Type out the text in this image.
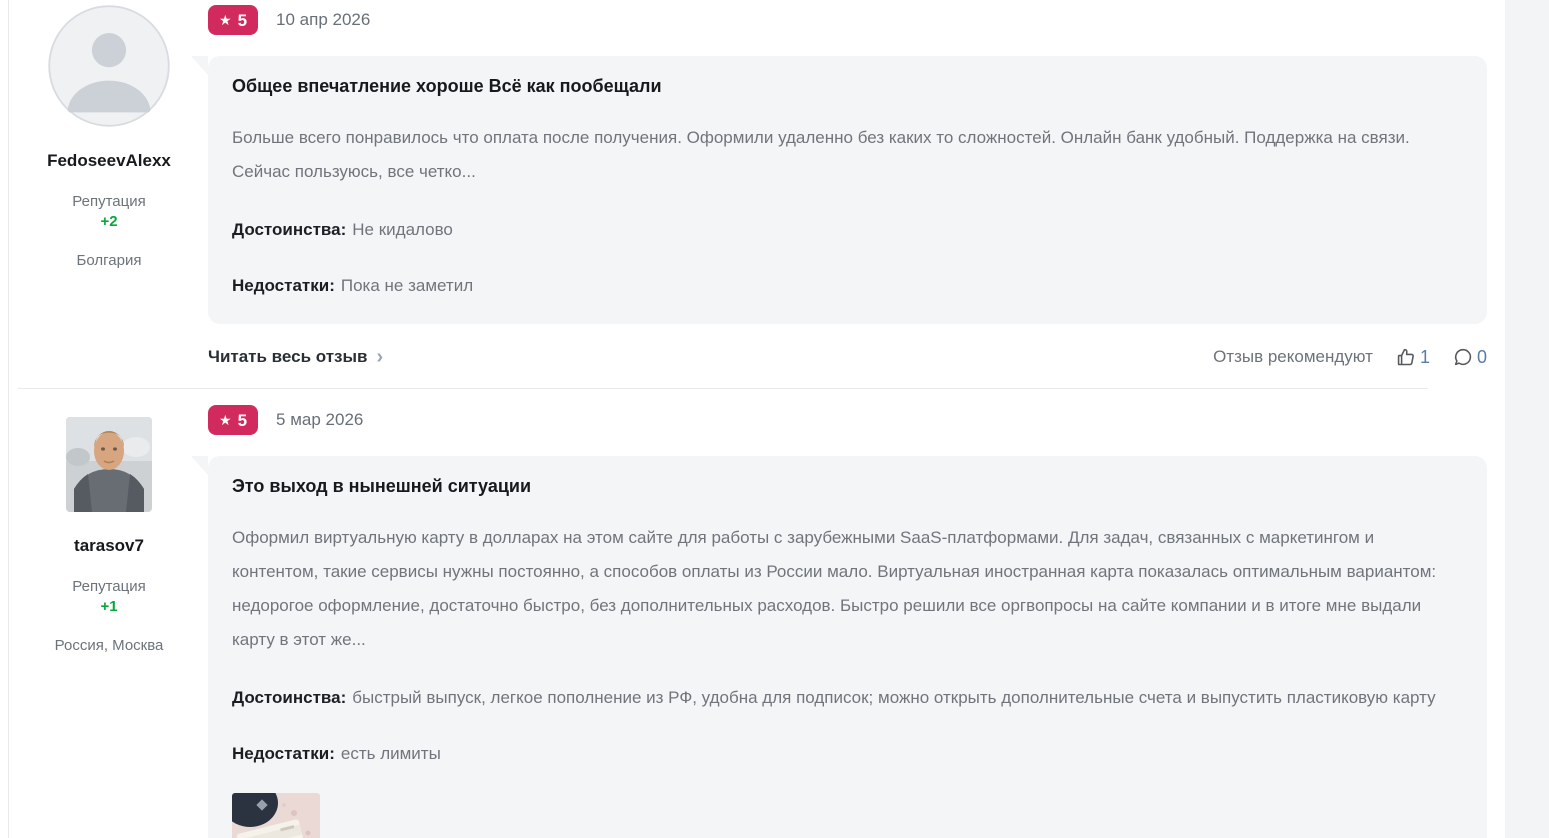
FedoseevAlexx
Репутация
+2
Болгария
★ 5 10 апр 2026
Общее впечатление хороше Всё как пообещали
Больше всего понравилось что оплата после получения. Оформили удаленно без каких то сложностей. Онлайн банк удобный. Поддержка на связи. Сейчас пользуюсь, все четко...
Достоинства: Не кидалово
Недостатки: Пока не заметил
Читать весь отзыв ›	Отзыв рекомендуют	1	0
tarasov7
Репутация
+1
Россия, Москва
★ 5 5 мар 2026
Это выход в нынешней ситуации
Оформил виртуальную карту в долларах на этом сайте для работы с зарубежными SaaS-платформами. Для задач, связанных с маркетингом и контентом, такие сервисы нужны постоянно, а способов оплаты из России мало. Виртуальная иностранная карта показалась оптимальным вариантом: недорогое оформление, достаточно быстро, без дополнительных расходов. Быстро решили все оргвопросы на сайте компании и в итоге мне выдали карту в этот же...
Достоинства: быстрый выпуск, легкое пополнение из РФ, удобна для подписок; можно открыть дополнительные счета и выпустить пластиковую карту
Недостатки: есть лимиты
